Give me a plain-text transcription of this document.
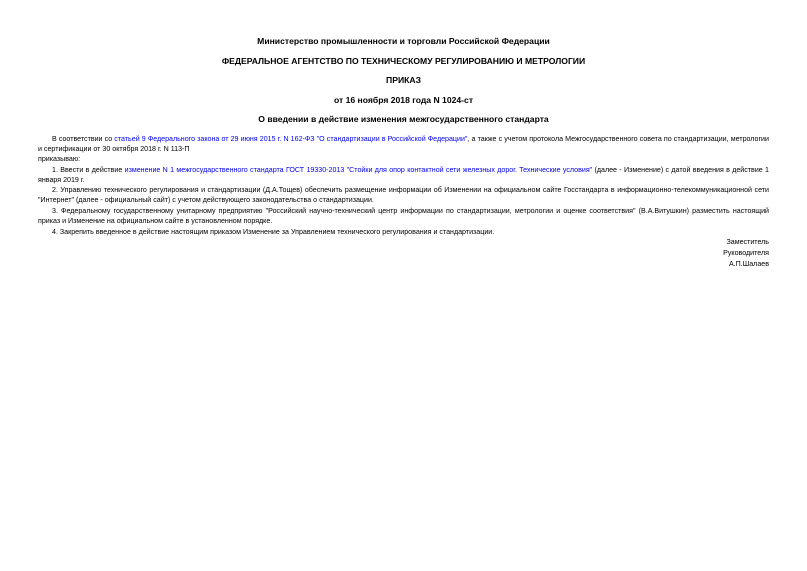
Министерство промышленности и торговли Российской Федерации
ФЕДЕРАЛЬНОЕ АГЕНТСТВО ПО ТЕХНИЧЕСКОМУ РЕГУЛИРОВАНИЮ И МЕТРОЛОГИИ
ПРИКАЗ
от 16 ноября 2018 года N 1024-ст
О введении в действие изменения межгосударственного стандарта
В соответствии со статьей 9 Федерального закона от 29 июня 2015 г. N 162-ФЗ "О стандартизации в Российской Федерации", а также с учетом протокола Межгосударственного совета по стандартизации, метрологии и сертификации от 30 октября 2018 г. N 113-П
приказываю:
1. Ввести в действие изменение N 1 межгосударственного стандарта ГОСТ 19330-2013 "Стойки для опор контактной сети железных дорог. Технические условия" (далее - Изменение) с датой введения в действие 1 января 2019 г.
2. Управлению технического регулирования и стандартизации (Д.А.Тощев) обеспечить размещение информации об Изменении на официальном сайте Госстандарта в информационно-телекоммуникационной сети "Интернет" (далее - официальный сайт) с учетом действующего законодательства о стандартизации.
3. Федеральному государственному унитарному предприятию "Российский научно-технический центр информации по стандартизации, метрологии и оценке соответствия" (В.А.Витушкин) разместить настоящий приказ и Изменение на официальном сайте в установленном порядке.
4. Закрепить введенное в действие настоящим приказом Изменение за Управлением технического регулирования и стандартизации.
Заместитель
Руководителя
А.П.Шалаев
